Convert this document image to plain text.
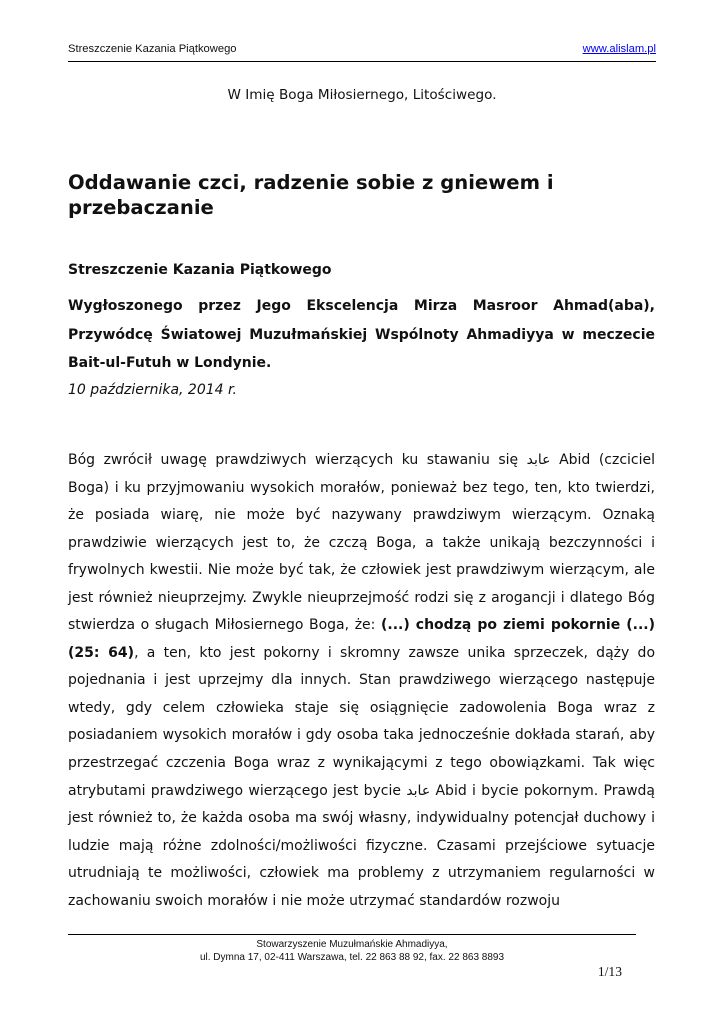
Streszczenie Kazania Piątkowego	www.alislam.pl
W Imię Boga Miłosiernego, Litościwego.
Oddawanie czci, radzenie sobie z gniewem i przebaczanie

Streszczenie Kazania Piątkowego

Wygłoszonego przez Jego Ekscelencja Mirza Masroor Ahmad(aba), Przywódcę Światowej Muzułmańskiej Wspólnoty Ahmadiyya w meczecie Bait-ul-Futuh w Londynie.

10 października, 2014 r.

Bóg zwrócił uwagę prawdziwych wierzących ku stawaniu się عابد Abid (czciciel Boga) i ku przyjmowaniu wysokich morałów, ponieważ bez tego, ten, kto twierdzi, że posiada wiarę, nie może być nazywany prawdziwym wierzącym. Oznaką prawdziwie wierzących jest to, że czczą Boga, a także unikają bezczynności i frywolnych kwestii. Nie może być tak, że człowiek jest prawdziwym wierzącym, ale jest również nieuprzejmy. Zwykle nieuprzejmość rodzi się z arogancji i dlatego Bóg stwierdza o sługach Miłosiernego Boga, że: (...) chodzą po ziemi pokornie (...) (25: 64), a ten, kto jest pokorny i skromny zawsze unika sprzeczek, dąży do pojednania i jest uprzejmy dla innych. Stan prawdziwego wierzącego następuje wtedy, gdy celem człowieka staje się osiągnięcie zadowolenia Boga wraz z posiadaniem wysokich morałów i gdy osoba taka jednocześnie dokłada starań, aby przestrzegać czczenia Boga wraz z wynikającymi z tego obowiązkami. Tak więc atrybutami prawdziwego wierzącego jest bycie عابد Abid i bycie pokornym. Prawdą jest również to, że każda osoba ma swój własny, indywidualny potencjał duchowy i ludzie mają różne zdolności/możliwości fizyczne. Czasami przejściowe sytuacje utrudniają te możliwości, człowiek ma problemy z utrzymaniem regularności w zachowaniu swoich morałów i nie może utrzymać standardów rozwoju

Stowarzyszenie Muzułmańskie Ahmadiyya,
ul. Dymna 17, 02-411 Warszawa, tel. 22 863 88 92, fax. 22 863 8893
1/13
